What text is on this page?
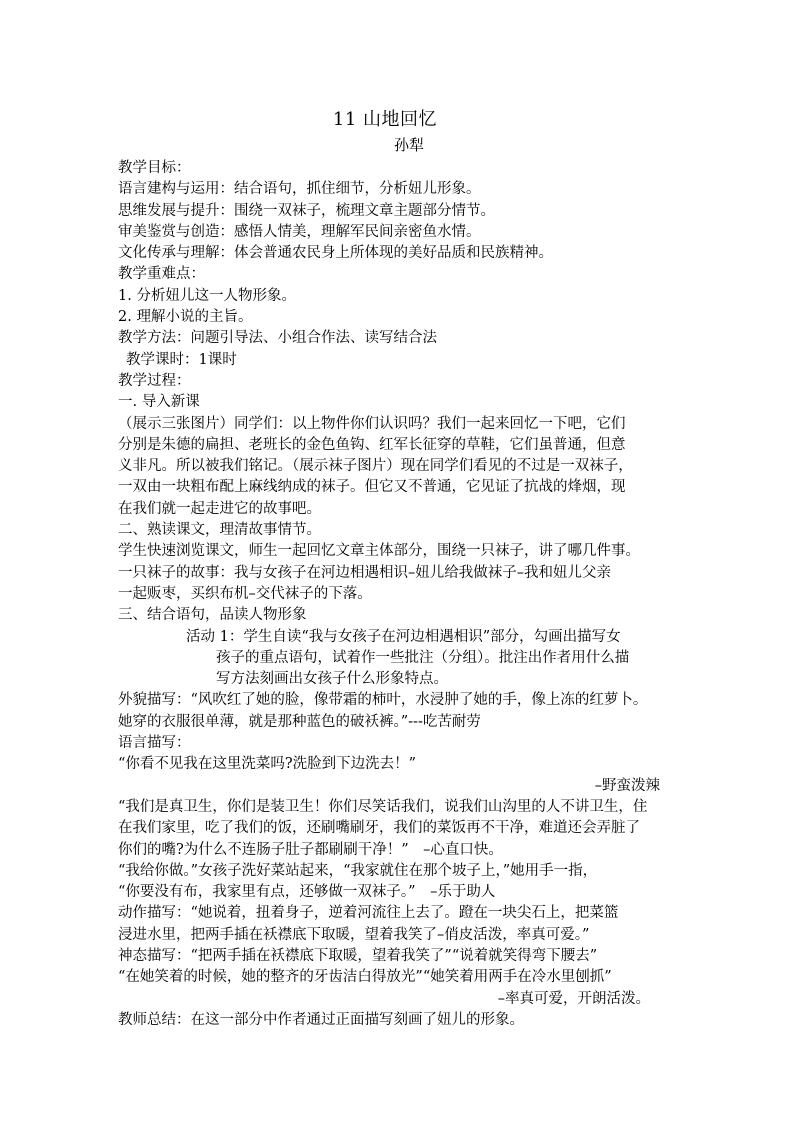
11 山地回忆
孙犁
教学目标：
语言建构与运用：结合语句，抓住细节，分析妞儿形象。
思维发展与提升：围绕一双袜子，梳理文章主题部分情节。
审美鉴赏与创造：感悟人情美，理解军民间亲密鱼水情。
文化传承与理解：体会普通农民身上所体现的美好品质和民族精神。
教学重难点：
1. 分析妞儿这一人物形象。
2. 理解小说的主旨。
教学方法：问题引导法、小组合作法、读写结合法
教学课时：1课时
教学过程：
一. 导入新课
（展示三张图片）同学们：以上物件你们认识吗？我们一起来回忆一下吧，它们
分别是朱德的扁担、老班长的金色鱼钩、红军长征穿的草鞋，它们虽普通，但意
义非凡。所以被我们铭记。（展示袜子图片）现在同学们看见的不过是一双袜子，
一双由一块粗布配上麻线纳成的袜子。但它又不普通，它见证了抗战的烽烟，现
在我们就一起走进它的故事吧。
二、熟读课文，理清故事情节。
学生快速浏览课文，师生一起回忆文章主体部分，围绕一只袜子，讲了哪几件事。
一只袜子的故事：我与女孩子在河边相遇相识–妞儿给我做袜子–我和妞儿父亲
一起贩枣，买织布机–交代袜子的下落。
三、结合语句，品读人物形象
活动 1：学生自读“我与女孩子在河边相遇相识”部分，勾画出描写女
孩子的重点语句，试着作一些批注（分组）。批注出作者用什么描
写方法刻画出女孩子什么形象特点。
外貌描写：“风吹红了她的脸，像带霜的柿叶，水浸肿了她的手，像上冻的红萝卜。
她穿的衣服很单薄，就是那种蓝色的破袄裤。”---吃苦耐劳
语言描写：
“你看不见我在这里洗菜吗?洗脸到下边洗去！”
–野蛮泼辣
“我们是真卫生，你们是装卫生！你们尽笑话我们，说我们山沟里的人不讲卫生，住
在我们家里，吃了我们的饭，还刷嘴刷牙，我们的菜饭再不干净，难道还会弄脏了
你们的嘴?为什么不连肠子肚子都刷刷干净！”　–心直口快。
“我给你做。”女孩子洗好菜站起来，“我家就住在那个坡子上，”她用手一指，
“你要没有布，我家里有点，还够做一双袜子。”　–乐于助人
动作描写：“她说着，扭着身子，逆着河流往上去了。蹬在一块尖石上，把菜篮
浸进水里，把两手插在袄襟底下取暖，望着我笑了–俏皮活泼，率真可爱。”
神态描写：“把两手插在袄襟底下取暖，望着我笑了”“说着就笑得弯下腰去”
“在她笑着的时候，她的整齐的牙齿洁白得放光”“她笑着用两手在冷水里刨抓”
–率真可爱，开朗活泼。
教师总结：在这一部分中作者通过正面描写刻画了妞儿的形象。
